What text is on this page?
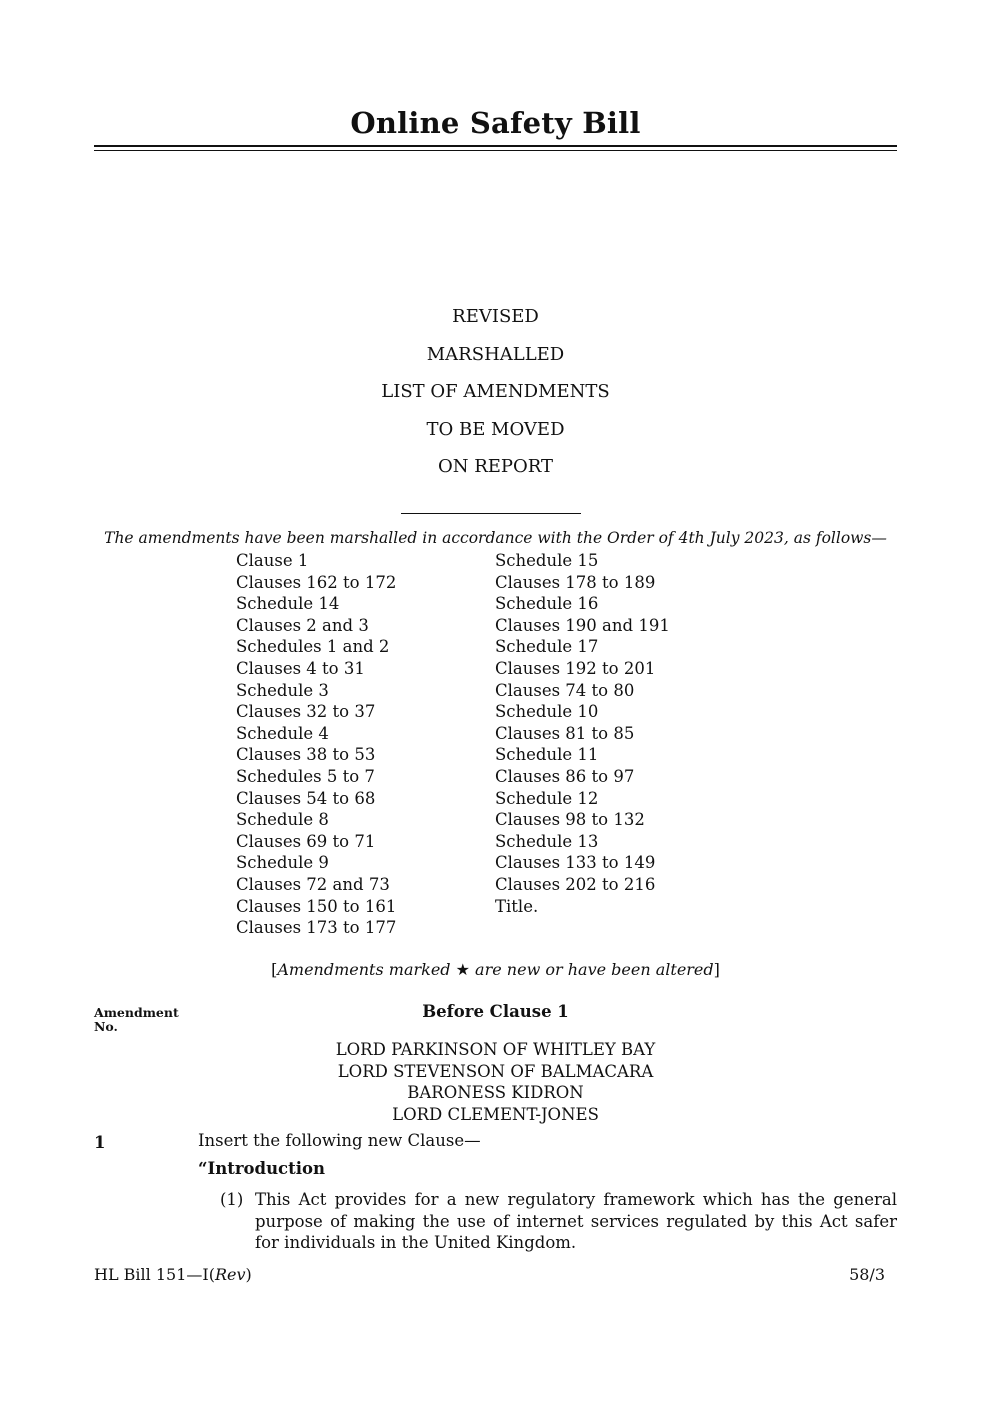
Online Safety Bill
REVISED
MARSHALLED
LIST OF AMENDMENTS
TO BE MOVED
ON REPORT
The amendments have been marshalled in accordance with the Order of 4th July 2023, as follows—
Clause 1
Clauses 162 to 172
Schedule 14
Clauses 2 and 3
Schedules 1 and 2
Clauses 4 to 31
Schedule 3
Clauses 32 to 37
Schedule 4
Clauses 38 to 53
Schedules 5 to 7
Clauses 54 to 68
Schedule 8
Clauses 69 to 71
Schedule 9
Clauses 72 and 73
Clauses 150 to 161
Clauses 173 to 177
Schedule 15
Clauses 178 to 189
Schedule 16
Clauses 190 and 191
Schedule 17
Clauses 192 to 201
Clauses 74 to 80
Schedule 10
Clauses 81 to 85
Schedule 11
Clauses 86 to 97
Schedule 12
Clauses 98 to 132
Schedule 13
Clauses 133 to 149
Clauses 202 to 216
Title.
[Amendments marked ★ are new or have been altered]
Amendment
No.
Before Clause 1
LORD PARKINSON OF WHITLEY BAY
LORD STEVENSON OF BALMACARA
BARONESS KIDRON
LORD CLEMENT-JONES
1	Insert the following new Clause—
“Introduction
(1) This Act provides for a new regulatory framework which has the general purpose of making the use of internet services regulated by this Act safer for individuals in the United Kingdom.
HL Bill 151—I(Rev)	58/3
